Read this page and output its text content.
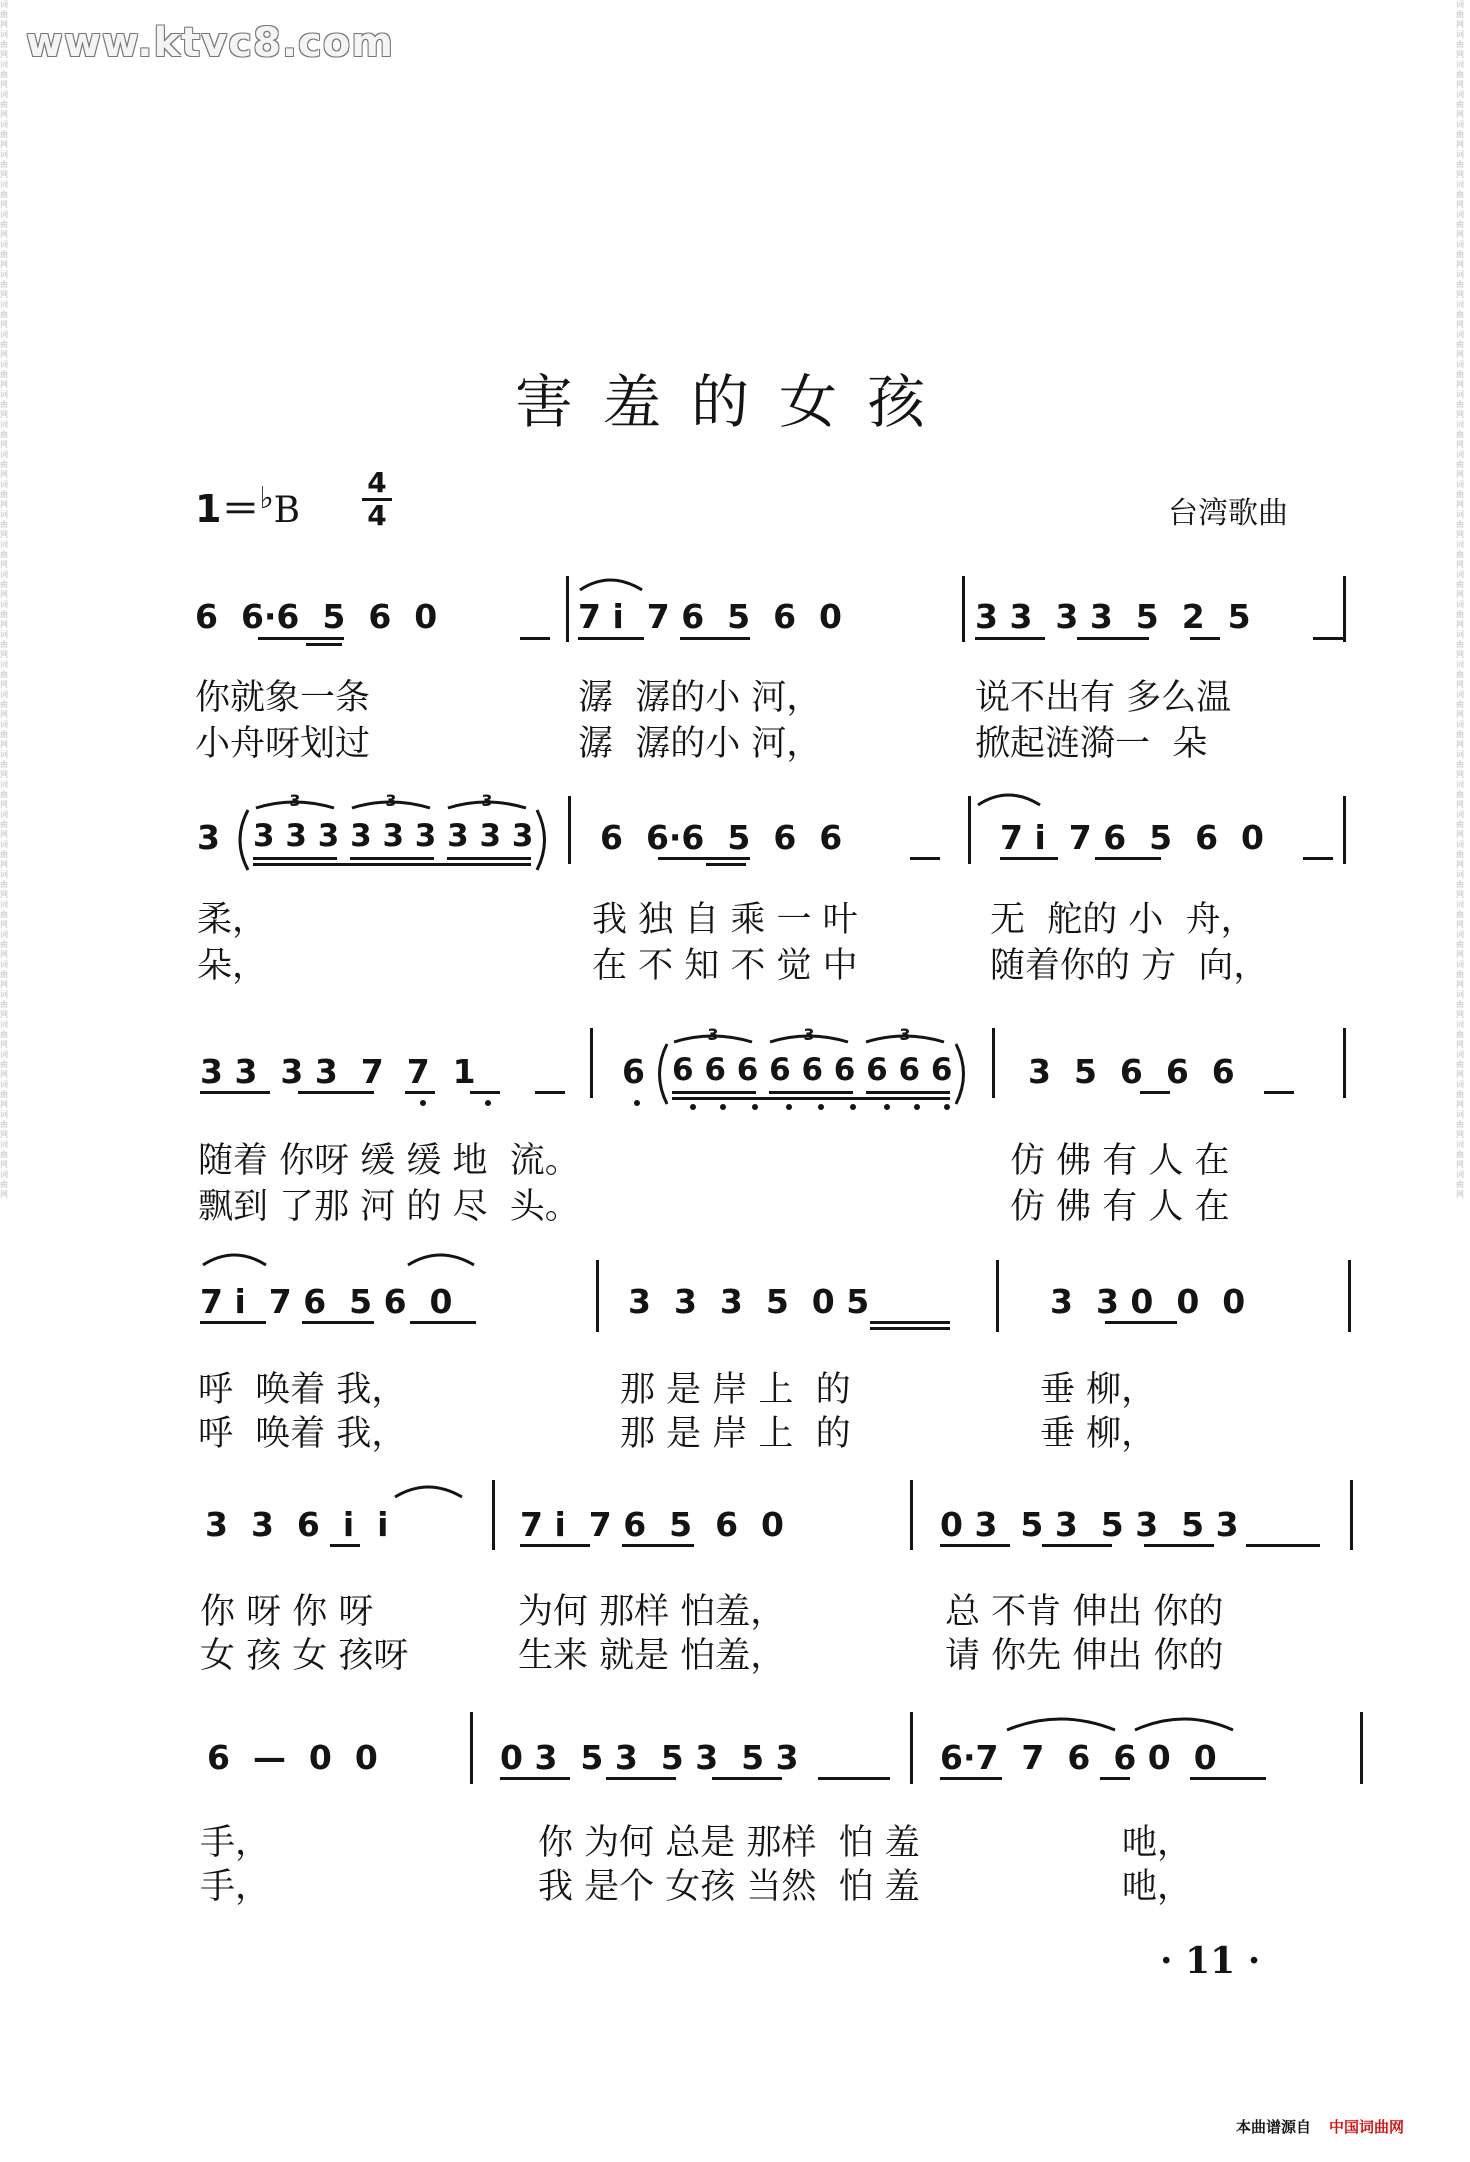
www.ktvc8.com
词曲网词曲网词曲网词曲网词曲网词曲网词曲网词曲网词曲网词曲网词曲网词曲网词曲网词曲网词曲网词曲网词曲网词曲网词曲网词曲网词曲网词曲网词曲网词曲网词曲网词曲网词曲网词曲网词曲网词曲网词曲网词曲网词曲网词曲网词曲网词曲网词曲网词曲网词曲网词曲网
词曲网词曲网词曲网词曲网词曲网词曲网词曲网词曲网词曲网词曲网词曲网词曲网词曲网词曲网词曲网词曲网词曲网词曲网词曲网词曲网词曲网词曲网词曲网词曲网词曲网词曲网词曲网词曲网词曲网词曲网词曲网词曲网词曲网词曲网词曲网词曲网词曲网词曲网词曲网词曲网
害羞的女孩
1＝♭B
4
4	台湾歌曲
6  6·6  5  6  0	7 i  7 6  5  6  0	3 3  3 3  5  2  5
你就象一条	潺  潺的小 河，	说不出有 多么温
小舟呀划过	潺  潺的小 河，	掀起涟漪一  朵
3 3 3 3 3 3 3 3 3 3 6  6·6  5  6  6	7 i  7 6  5  6  0
柔，	我 独 自 乘 一 叶	无  舵的 小  舟，
朵，	在 不 知 不 觉 中	随着你的 方  向，
3 3  3 3  7  7  1	6 6 6 6 6 6 6 6 6 6 3  5  6  6  6
随着 你呀 缓 缓 地  流。	仿 佛 有 人 在
飘到 了那 河 的 尽  头。	仿 佛 有 人 在
7 i  7 6  5 6  0	3  3  3  5  0 5	3  3 0  0  0
呼  唤着 我，	那 是 岸 上  的	垂 柳，
呼  唤着 我，	那 是 岸 上  的	垂 柳，
3  3  6  i  i	7 i  7 6  5  6  0	0 3  5 3  5 3  5 3
你 呀 你 呀	为何 那样 怕羞，	总 不肯 伸出 你的
女 孩 女 孩呀	生来 就是 怕羞，	请 你先 伸出 你的
6  —  0  0	0 3  5 3  5 3  5 3	6·7  7  6  6 0  0
手，	你 为何 总是 那样  怕 羞	吔，
手，	我 是个 女孩 当然  怕 羞	吔，
3	3	3
3	3	3
· 11 ·
本曲谱源自 中国词曲网
